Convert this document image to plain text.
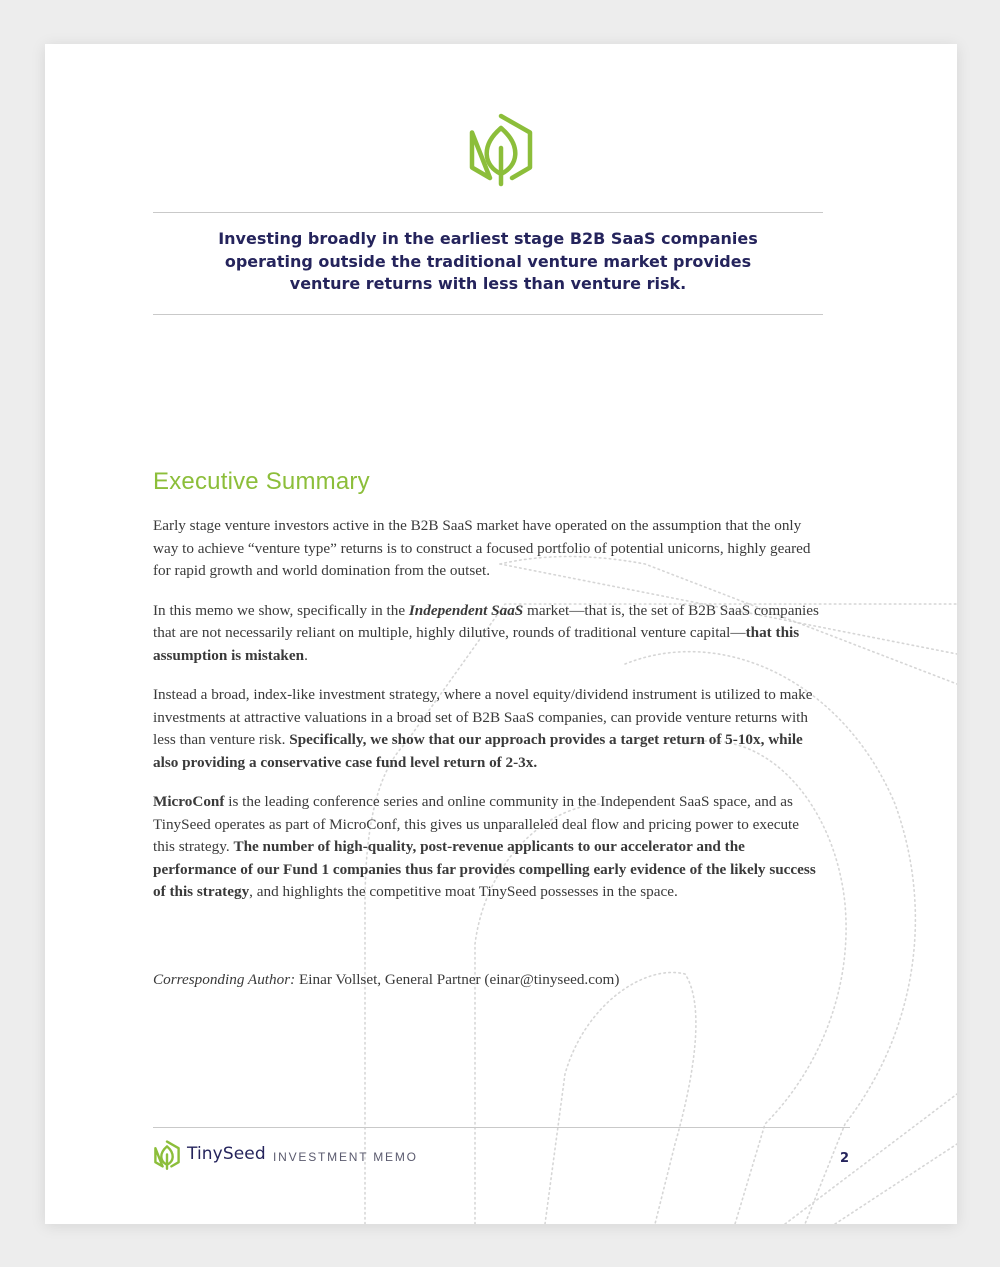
Investing broadly in the earliest stage B2B SaaS companies
operating outside the traditional venture market provides
venture returns with less than venture risk.
Executive Summary

Early stage venture investors active in the B2B SaaS market have operated on the assumption that the only way to achieve “venture type” returns is to construct a focused portfolio of potential unicorns, highly geared for rapid growth and world domination from the outset.

In this memo we show, specifically in the Independent SaaS market—that is, the set of B2B SaaS companies that are not necessarily reliant on multiple, highly dilutive, rounds of traditional venture capital—that this assumption is mistaken.

Instead a broad, index-like investment strategy, where a novel equity/dividend instrument is utilized to make investments at attractive valuations in a broad set of B2B SaaS companies, can provide venture returns with less than venture risk. Specifically, we show that our approach provides a target return of 5-10x, while also providing a conservative case fund level return of 2-3x.

MicroConf is the leading conference series and online community in the Independent SaaS space, and as TinySeed operates as part of MicroConf, this gives us unparalleled deal flow and pricing power to execute this strategy. The number of high-quality, post-revenue applicants to our accelerator and the performance of our Fund 1 companies thus far provides compelling early evidence of the likely success of this strategy, and highlights the competitive moat TinySeed possesses in the space.

Corresponding Author: Einar Vollset, General Partner (einar@tinyseed.com)
TinySeed INVESTMENT MEMO	2
